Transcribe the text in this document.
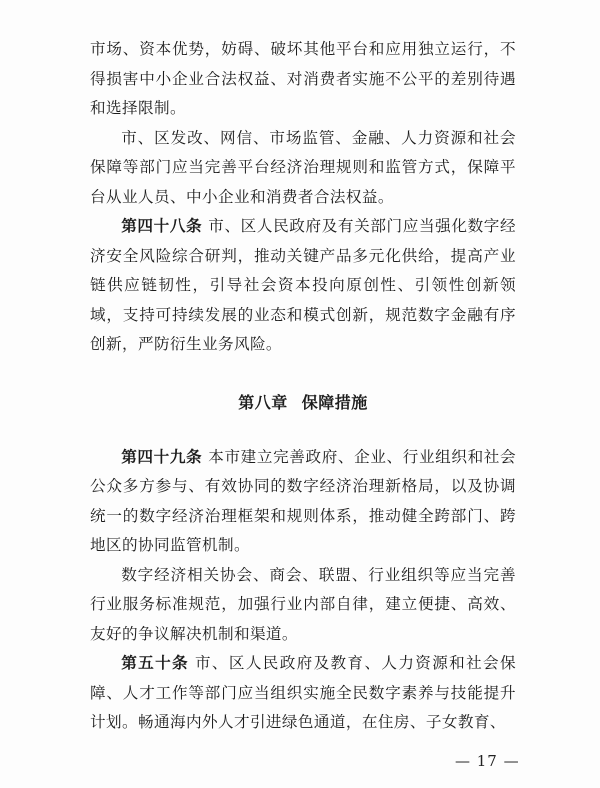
市场、资本优势，妨碍、破坏其他平台和应用独立运行，不得损害中小企业合法权益、对消费者实施不公平的差别待遇和选择限制。

市、区发改、网信、市场监管、金融、人力资源和社会保障等部门应当完善平台经济治理规则和监管方式，保障平台从业人员、中小企业和消费者合法权益。

第四十八条 市、区人民政府及有关部门应当强化数字经济安全风险综合研判，推动关键产品多元化供给，提高产业链供应链韧性，引导社会资本投向原创性、引领性创新领域，支持可持续发展的业态和模式创新，规范数字金融有序创新，严防衍生业务风险。

第八章 保障措施

第四十九条 本市建立完善政府、企业、行业组织和社会公众多方参与、有效协同的数字经济治理新格局，以及协调统一的数字经济治理框架和规则体系，推动健全跨部门、跨地区的协同监管机制。

数字经济相关协会、商会、联盟、行业组织等应当完善行业服务标准规范，加强行业内部自律，建立便捷、高效、友好的争议解决机制和渠道。

第五十条 市、区人民政府及教育、人力资源和社会保障、人才工作等部门应当组织实施全民数字素养与技能提升计划。畅通海内外人才引进绿色通道，在住房、子女教育、

— 17 —
